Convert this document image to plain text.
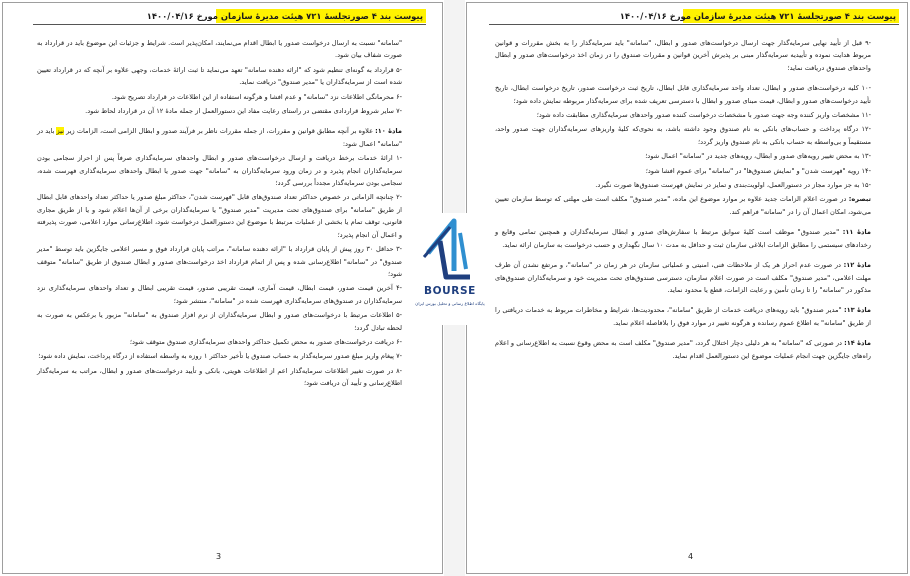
پیوست بند ۴ صورتجلسهٔ ۷۲۱ هیئت مدیرهٔ سازمان مورخ ۱۴۰۰/۰۴/۱۶

"سامانه" نسبت به ارسال درخواست صدور یا ابطال اقدام می‌نمایند، امکان‌پذیر است. شرایط و جزئیات این موضوع باید در قرارداد به صورت شفاف بیان شود.

-۵ قرارداد به گونه‌ای تنظیم شود که "ارائه دهنده سامانه" تعهد می‌نماید تا ثبت ارائهٔ خدمات، وجهی علاوه بر آنچه که در قرارداد تعیین شده است از سرمایه‌گذاران یا "مدیر صندوق" دریافت نماید.

-۶ محرمانگی اطلاعات نزد "سامانه" و عدم افشا و هرگونه استفاده از این اطلاعات در قرارداد تصریح شود.

-۷ سایر شروط قراردادی مقتضی در راستای رعایت مفاد این دستورالعمل از جمله مادهٔ ۱۲ آن در قرارداد لحاظ شود.

مادهٔ ۱۰: علاوه بر آنچه مطابق قوانین و مقررات، از جمله مقررات ناظر بر فرآیند صدور و ابطال الزامی است، الزامات زیر نیز باید در "سامانه" اعمال شود:

-۱ ارائهٔ خدمات برخط دریافت و ارسال درخواست‌های صدور و ابطال واحدهای سرمایه‌گذاری صرفاً پس از احراز سجامی بودن سرمایه‌گذاران انجام پذیرد و در زمان ورود سرمایه‌گذاران به "سامانه" جهت صدور یا ابطال واحدهای سرمایه‌گذاری فهرست شده، سجامی بودن سرمایه‌گذار مجدداً بررسی گردد؛

-۲ چنانچه الزاماتی در خصوص حداکثر تعداد صندوق‌های قابل "فهرست شدن"، حداکثر مبلغ صدور یا حداکثر تعداد واحدهای قابل ابطال از طریق "سامانه" برای صندوق‌های تحت مدیریت "مدیر صندوق" یا سرمایه‌گذاران برخی از آن‌ها اعلام شود و یا از طریق مجاری قانونی، توقف تمام یا بخشی از عملیات مرتبط با موضوع این دستورالعمل درخواست شود، اطلاع‌رسانی موارد اعلامی، صورت پذیرفته و اعمال آن انجام پذیرد؛

-۳ حداقل ۳۰ روز پیش از پایان قرارداد با "ارائه دهنده سامانه"، مراتب پایان قرارداد فوق و مسیر اعلامی جایگزین باید توسط "مدیر صندوق" در "سامانه" اطلاع‌رسانی شده و پس از اتمام قرارداد اخذ درخواست‌های صدور و ابطال صندوق از طریق "سامانه" متوقف شود؛

-۴ آخرین قیمت صدور، قیمت ابطال، قیمت آماری، قیمت تقریبی صدور، قیمت تقریبی ابطال و تعداد واحدهای سرمایه‌گذاری نزد سرمایه‌گذاران در صندوق‌های سرمایه‌گذاری فهرست شده در "سامانه"، منتشر شود؛

-۵ اطلاعات مرتبط با درخواست‌های صدور و ابطال سرمایه‌گذاران از نرم افزار صندوق به "سامانه" مزبور یا برعکس به صورت به لحظه تبادل گردد؛

-۶ دریافت درخواست‌های صدور به محض تکمیل حداکثر واحدهای سرمایه‌گذاری صندوق متوقف شود؛

-۷ پیغام واریز مبلغ صدور سرمایه‌گذار به حساب صندوق یا تأخیر حداکثر ۱ روزه به واسطه استفاده از درگاه پرداخت، نمایش داده شود؛

-۸ در صورت تغییر اطلاعات سرمایه‌گذار اعم از اطلاعات هویتی، بانکی و تأیید درخواست‌های صدور و ابطال، مراتب به سرمایه‌گذار اطلاع‌رسانی و تأیید آن دریافت شود؛

3
پیوست بند ۴ صورتجلسهٔ ۷۲۱ هیئت مدیرهٔ سازمان مورخ ۱۴۰۰/۰۴/۱۶

-۹ قبل از تأیید نهایی سرمایه‌گذار جهت ارسال درخواست‌های صدور و ابطال، "سامانه" باید سرمایه‌گذار را به بخش مقررات و قوانین مربوط هدایت نموده و تأییدیه سرمایه‌گذار مبنی بر پذیرش آخرین قوانین و مقررات صندوق را در زمان اخذ درخواست‌های صدور و ابطال واحدهای صندوق دریافت نماید؛

-۱۰ کلیه درخواست‌های صدور و ابطال، تعداد واحد سرمایه‌گذاری قابل ابطال، تاریخ ثبت درخواست صدور، تاریخ درخواست ابطال، تاریخ تأیید درخواست‌های صدور و ابطال، قیمت مبنای صدور و ابطال با دسترسی تعریف شده برای سرمایه‌گذار مربوطه نمایش داده شود؛

-۱۱ مشخصات واریز کننده وجه جهت صدور با مشخصات درخواست کننده صدور واحدهای سرمایه‌گذاری مطابقت داده شود؛

-۱۲ درگاه پرداخت و حساب‌های بانکی به نام صندوق وجود داشته باشد، به نحوی‌که کلیهٔ واریزهای سرمایه‌گذاران جهت صدور واحد، مستقیماً و بی‌واسطه به حساب بانکی به نام صندوق واریز گردد؛

-۱۳ به محض تغییر رویه‌های صدور و ابطال، رویه‌های جدید در "سامانه" اعمال شود؛

-۱۴ رویه "فهرست شدن" و "نمایش صندوق‌ها" در "سامانه" برای عموم افشا شود؛

-۱۵ به جز موارد مجاز در دستورالعمل، اولویت‌بندی و تمایز در نمایش فهرست صندوق‌ها صورت نگیرد.

تبصره: در صورت اعلام الزامات جدید علاوه بر موارد موضوع این ماده، "مدیر صندوق" مکلف است طی مهلتی که توسط سازمان تعیین می‌شود، امکان اعمال آن را در "سامانه" فراهم کند.

مادهٔ ۱۱: "مدیر صندوق" موظف است کلیهٔ سوابق مرتبط با سفارش‌های صدور و ابطال سرمایه‌گذاران و همچنین تمامی وقایع و رخدادهای سیستمی را مطابق الزامات ابلاغی سازمان ثبت و حداقل به مدت ۱۰ سال نگهداری و حسب درخواست به سازمان ارائه نماید.

مادهٔ ۱۲: در صورت عدم احراز هر یک از ملاحظات فنی، امنیتی و عملیاتی سازمان در هر زمان در "سامانه"، و مرتفع نشدن آن ظرف مهلت اعلامی، "مدیر صندوق" مکلف است در صورت اعلام سازمان، دسترسی صندوق‌های تحت مدیریت خود و سرمایه‌گذاران صندوق‌های مذکور در "سامانه" را تا زمان تأمین و رعایت الزامات، قطع یا محدود نماید.

مادهٔ ۱۳: "مدیر صندوق" باید رویه‌های دریافت خدمات از طریق "سامانه"، محدودیت‌ها، شرایط و مخاطرات مربوط به خدمات دریافتی را از طریق "سامانه" به اطلاع عموم رسانده و هرگونه تغییر در موارد فوق را بلافاصله اعلام نماید.

مادهٔ ۱۴: در صورتی که "سامانه" به هر دلیلی دچار اختلال گردد، "مدیر صندوق" مکلف است به محض وقوع نسبت به اطلاع‌رسانی و اعلام راه‌های جایگزین جهت انجام عملیات موضوع این دستورالعمل اقدام نماید.

4
BOURSE
پایگاه اطلاع رسانی و تحلیل بورس ایران
